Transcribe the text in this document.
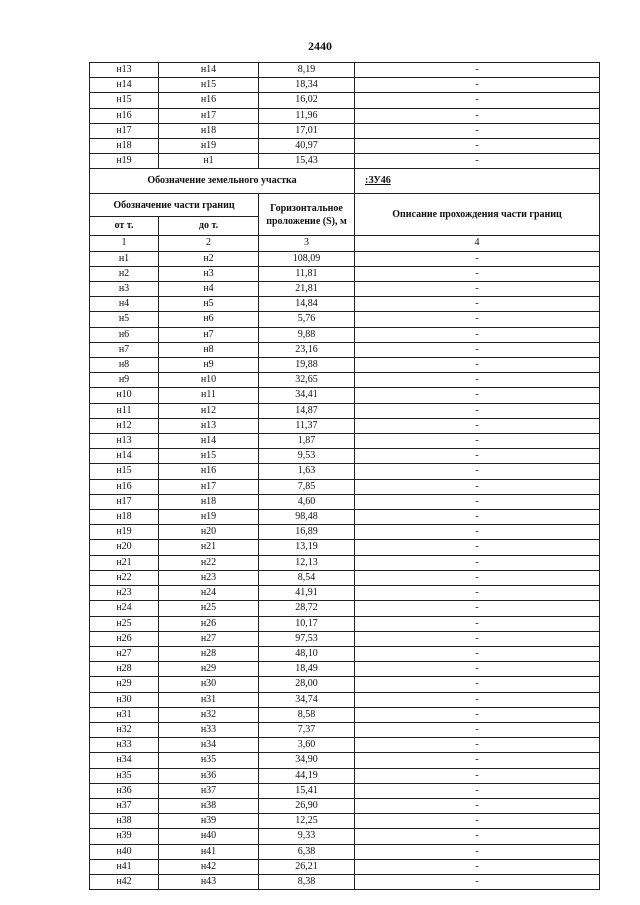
2440
н13	н14	8,19	-
н14	н15	18,34	-
н15	н16	16,02	-
н16	н17	11,96	-
н17	н18	17,01	-
н18	н19	40,97	-
н19	н1	15,43	-
Обозначение земельного участка			:ЗУ46
Обозначение части границ		Горизонтальное проложение (S), м	Описание прохождения части границ
от т.	до т.		
1	2	3	4
н1	н2	108,09	-
н2	н3	11,81	-
н3	н4	21,81	-
н4	н5	14,84	-
н5	н6	5,76	-
н6	н7	9,88	-
н7	н8	23,16	-
н8	н9	19,88	-
н9	н10	32,65	-
н10	н11	34,41	-
н11	н12	14,87	-
н12	н13	11,37	-
н13	н14	1,87	-
н14	н15	9,53	-
н15	н16	1,63	-
н16	н17	7,85	-
н17	н18	4,60	-
н18	н19	98,48	-
н19	н20	16,89	-
н20	н21	13,19	-
н21	н22	12,13	-
н22	н23	8,54	-
н23	н24	41,91	-
н24	н25	28,72	-
н25	н26	10,17	-
н26	н27	97,53	-
н27	н28	48,10	-
н28	н29	18,49	-
н29	н30	28,00	-
н30	н31	34,74	-
н31	н32	8,58	-
н32	н33	7,37	-
н33	н34	3,60	-
н34	н35	34,90	-
н35	н36	44,19	-
н36	н37	15,41	-
н37	н38	26,90	-
н38	н39	12,25	-
н39	н40	9,33	-
н40	н41	6,38	-
н41	н42	26,21	-
н42	н43	8,38	-
